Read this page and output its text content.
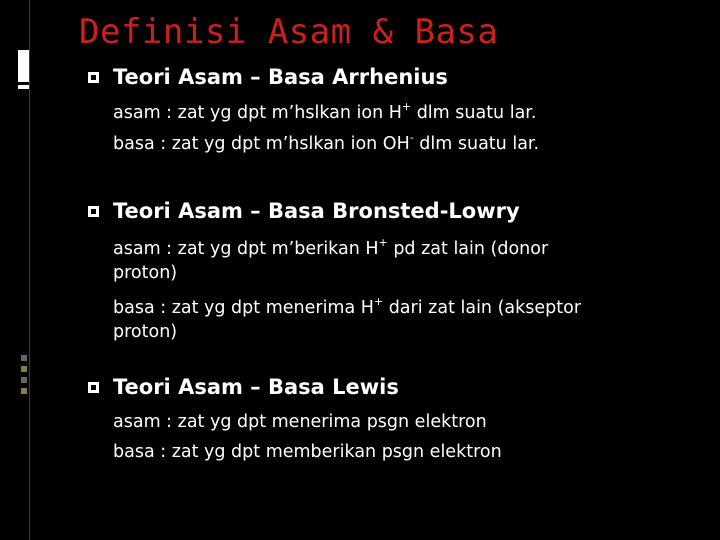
Definisi Asam & Basa
Teori Asam – Basa Arrhenius
asam : zat yg dpt m’hslkan ion H+ dlm suatu lar.
basa : zat yg dpt m’hslkan ion OH- dlm suatu lar.
Teori Asam – Basa Bronsted-Lowry
asam : zat yg dpt m’berikan H+ pd zat lain (donor
proton)
basa : zat yg dpt menerima H+ dari zat lain (akseptor
proton)
Teori Asam – Basa Lewis
asam : zat yg dpt menerima psgn elektron
basa : zat yg dpt memberikan psgn elektron
